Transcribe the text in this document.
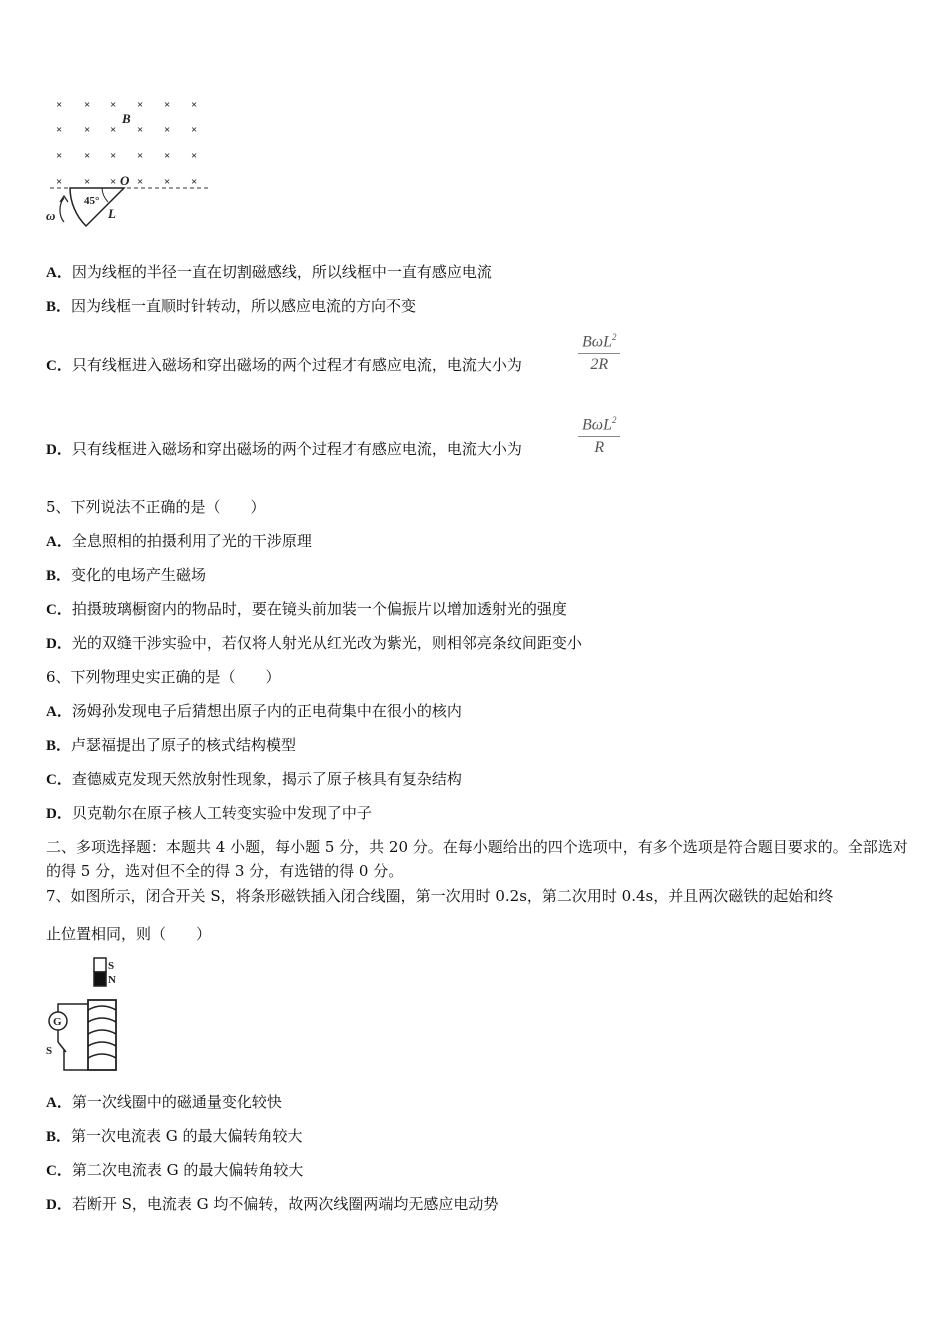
× × × × × ×
× × × × × ×
× × × × × ×
× × × × × ×
B
O
45°
L
ω
A．因为线框的半径一直在切割磁感线，所以线框中一直有感应电流
B．因为线框一直顺时针转动，所以感应电流的方向不变
C．只有线框进入磁场和穿出磁场的两个过程才有感应电流，电流大小为
BωL$^2$
2R
D．只有线框进入磁场和穿出磁场的两个过程才有感应电流，电流大小为
BωL$^2$
R
5、下列说法不正确的是（　　）
A．全息照相的拍摄利用了光的干涉原理
B．变化的电场产生磁场
C．拍摄玻璃橱窗内的物品时，要在镜头前加装一个偏振片以增加透射光的强度
D．光的双缝干涉实验中，若仅将人射光从红光改为紫光，则相邻亮条纹间距变小
6、下列物理史实正确的是（　　）
A．汤姆孙发现电子后猜想出原子内的正电荷集中在很小的核内
B．卢瑟福提出了原子的核式结构模型
C．查德威克发现天然放射性现象，揭示了原子核具有复杂结构
D．贝克勒尔在原子核人工转变实验中发现了中子
二、多项选择题：本题共 4 小题，每小题 5 分，共 20 分。在每小题给出的四个选项中，有多个选项是符合题目要求的。全部选对的得 5 分，选对但不全的得 3 分，有选错的得 0 分。
7、如图所示，闭合开关 S，将条形磁铁插入闭合线圈，第一次用时 0.2s，第二次用时 0.4s，并且两次磁铁的起始和终
止位置相同，则（　　）
S
N
G
S
A．第一次线圈中的磁通量变化较快
B．第一次电流表 G 的最大偏转角较大
C．第二次电流表 G 的最大偏转角较大
D．若断开 S，电流表 G 均不偏转，故两次线圈两端均无感应电动势
